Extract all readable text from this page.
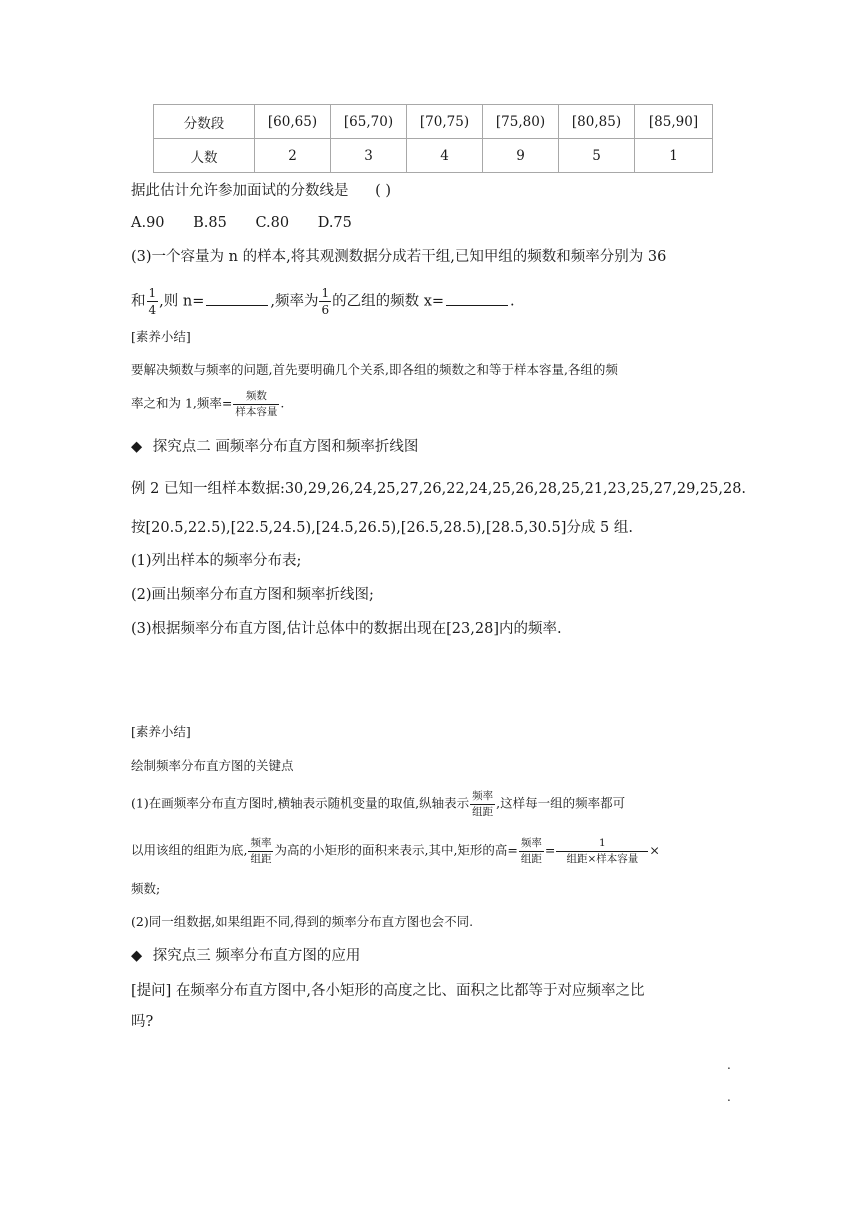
分数段	[60,65)	[65,70)	[70,75)	[75,80)	[80,85)	[85,90]
人数	2	3	4	9	5	1
据此估计允许参加面试的分数线是 ( )
A.90 B.85 C.80 D.75
(3)一个容量为 n 的样本,将其观测数据分成若干组,已知甲组的频数和频率分别为 36
和 $\frac{1}{4}$ ,则 n=	,频率为 $\frac{1}{6}$ 的乙组的频数 x=	.
[素养小结]
要解决频数与频率的问题,首先要明确几个关系,即各组的频数之和等于样本容量,各组的频
率之和为 1,频率= $\frac{\text{频数}}{\text{样本容量}}$ .
◆ 探究点二 画频率分布直方图和频率折线图
例 2 已知一组样本数据:30,29,26,24,25,27,26,22,24,25,26,28,25,21,23,25,27,29,25,28.
按[20.5,22.5),[22.5,24.5),[24.5,26.5),[26.5,28.5),[28.5,30.5]分成 5 组.
(1)列出样本的频率分布表;
(2)画出频率分布直方图和频率折线图;
(3)根据频率分布直方图,估计总体中的数据出现在[23,28]内的频率.
[素养小结]
绘制频率分布直方图的关键点
(1)在画频率分布直方图时,横轴表示随机变量的取值,纵轴表示 $\frac{\text{频率}}{\text{组距}}$ ,这样每一组的频率都可
以用该组的组距为底, $\frac{\text{频率}}{\text{组距}}$ 为高的小矩形的面积来表示,其中,矩形的高= $\frac{\text{频率}}{\text{组距}} = \frac{1}{\text{组距×样本容量}}$ ×
频数;
(2)同一组数据,如果组距不同,得到的频率分布直方图也会不同.
◆ 探究点三 频率分布直方图的应用
[提问] 在频率分布直方图中,各小矩形的高度之比、面积之比都等于对应频率之比
吗?
.
.
